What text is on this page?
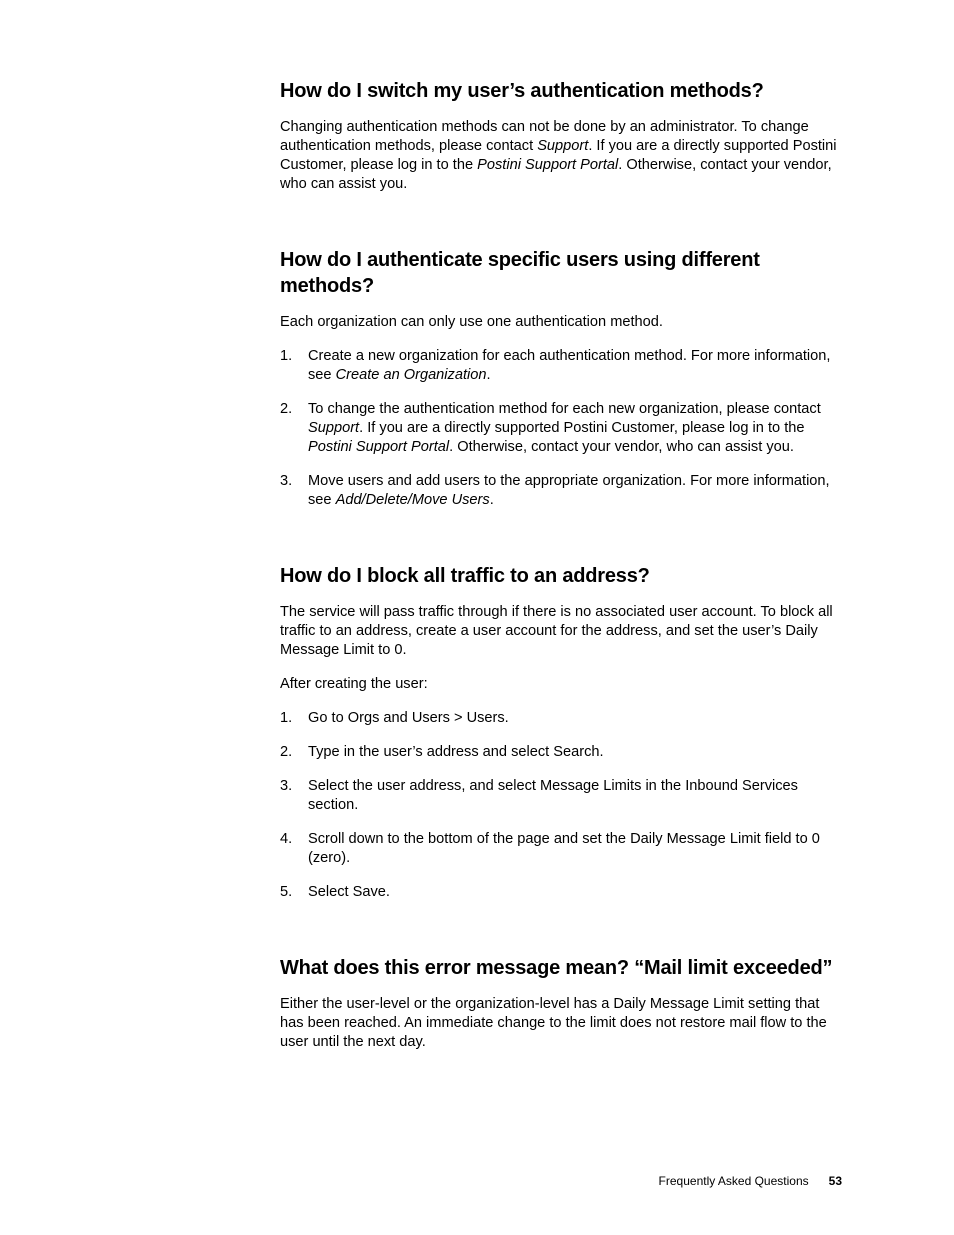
How do I switch my user’s authentication methods?

Changing authentication methods can not be done by an administrator. To change authentication methods, please contact Support. If you are a directly supported Postini Customer, please log in to the Postini Support Portal. Otherwise, contact your vendor, who can assist you.

How do I authenticate specific users using different methods?

Each organization can only use one authentication method.

1. Create a new organization for each authentication method. For more information, see Create an Organization.
2. To change the authentication method for each new organization, please contact Support. If you are a directly supported Postini Customer, please log in to the Postini Support Portal. Otherwise, contact your vendor, who can assist you.
3. Move users and add users to the appropriate organization. For more information, see Add/Delete/Move Users.
How do I block all traffic to an address?

The service will pass traffic through if there is no associated user account. To block all traffic to an address, create a user account for the address, and set the user’s Daily Message Limit to 0.

After creating the user:

1. Go to Orgs and Users > Users.
2. Type in the user’s address and select Search.
3. Select the user address, and select Message Limits in the Inbound Services section.
4. Scroll down to the bottom of the page and set the Daily Message Limit field to 0 (zero).
5. Select Save.
What does this error message mean? “Mail limit exceeded”

Either the user-level or the organization-level has a Daily Message Limit setting that has been reached. An immediate change to the limit does not restore mail flow to the user until the next day.

Frequently Asked Questions 53
